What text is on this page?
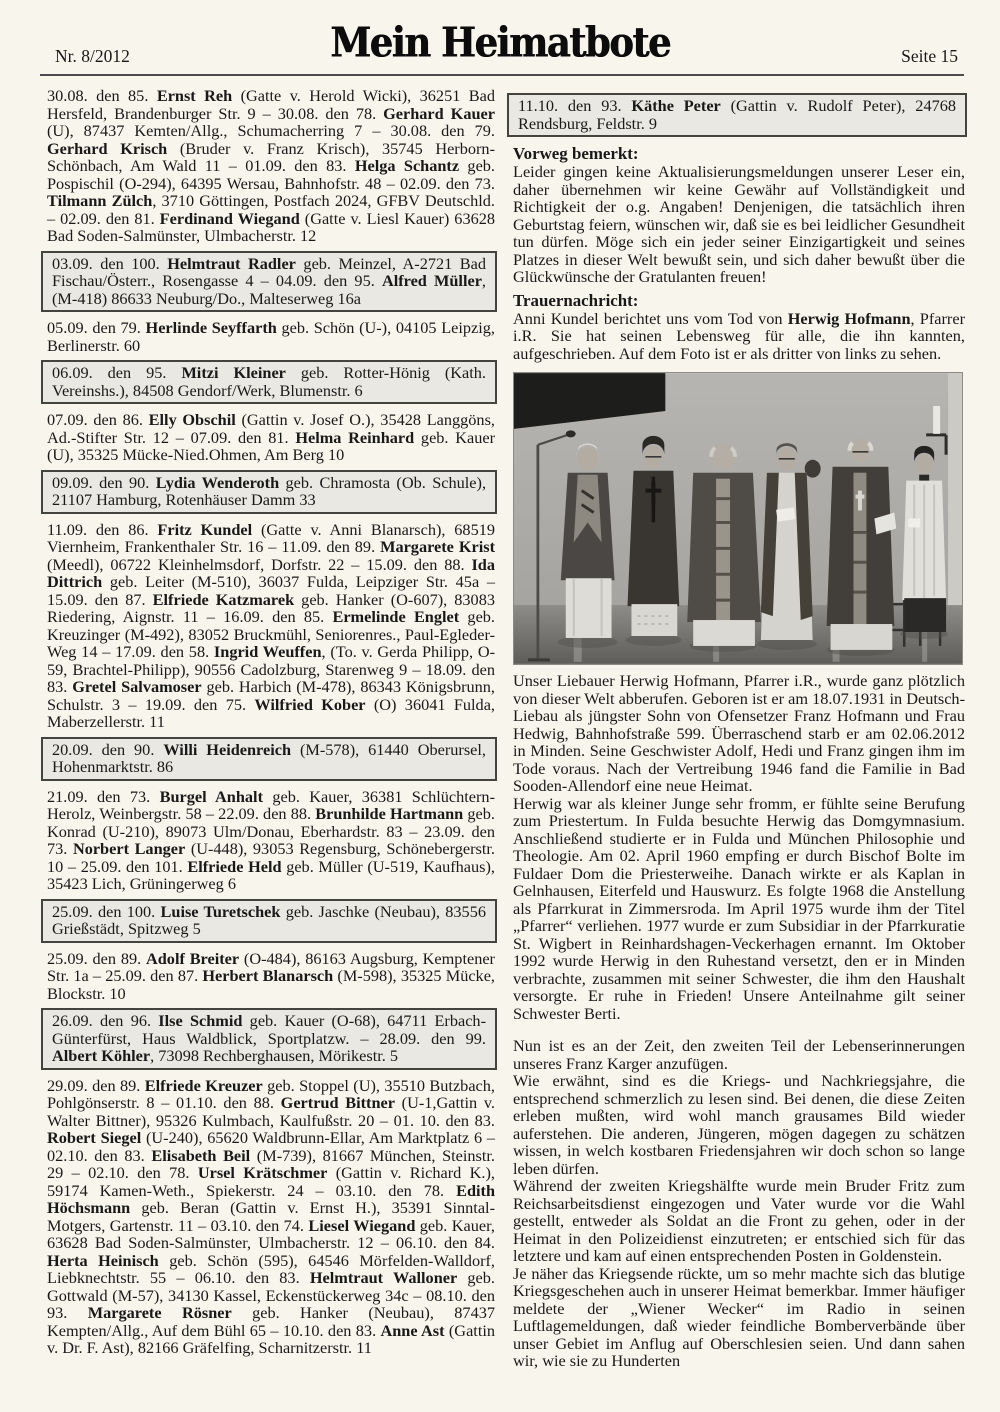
Nr. 8/2012	Mein Heimatbote	Seite 15

30.08. den 85. Ernst Reh (Gatte v. Herold Wicki), 36251 Bad Hersfeld, Brandenburger Str. 9 – 30.08. den 78. Gerhard Kauer (U), 87437 Kemten/Allg., Schumacherring 7 – 30.08. den 79. Gerhard Krisch (Bruder v. Franz Krisch), 35745 Herborn-Schönbach, Am Wald 11 – 01.09. den 83. Helga Schantz geb. Pospischil (O-294), 64395 Wersau, Bahnhofstr. 48 – 02.09. den 73. Tilmann Zülch, 3710 Göttingen, Postfach 2024, GFBV Deutschld. – 02.09. den 81. Ferdinand Wiegand (Gatte v. Liesl Kauer) 63628 Bad Soden-Salmünster, Ulmbacherstr. 12

03.09. den 100. Helmtraut Radler geb. Meinzel, A-2721 Bad Fischau/Österr., Rosengasse 4 – 04.09. den 95. Alfred Müller, (M-418) 86633 Neuburg/Do., Malteserweg 16a

05.09. den 79. Herlinde Seyffarth geb. Schön (U-), 04105 Leipzig, Berlinerstr. 60

06.09. den 95. Mitzi Kleiner geb. Rotter-Hönig (Kath. Vereinshs.), 84508 Gendorf/Werk, Blumenstr. 6

07.09. den 86. Elly Obschil (Gattin v. Josef O.), 35428 Langgöns, Ad.-Stifter Str. 12 – 07.09. den 81. Helma Reinhard geb. Kauer (U), 35325 Mücke-Nied.Ohmen, Am Berg 10

09.09. den 90. Lydia Wenderoth geb. Chramosta (Ob. Schule), 21107 Hamburg, Rotenhäuser Damm 33

11.09. den 86. Fritz Kundel (Gatte v. Anni Blanarsch), 68519 Viernheim, Frankenthaler Str. 16 – 11.09. den 89. Margarete Krist (Meedl), 06722 Kleinhelmsdorf, Dorfstr. 22 – 15.09. den 88. Ida Dittrich geb. Leiter (M-510), 36037 Fulda, Leipziger Str. 45a – 15.09. den 87. Elfriede Katzmarek geb. Hanker (O-607), 83083 Riedering, Aignstr. 11 – 16.09. den 85. Ermelinde Englet geb. Kreuzinger (M-492), 83052 Bruckmühl, Seniorenres., Paul-Egleder-Weg 14 – 17.09. den 58. Ingrid Weuffen, (To. v. Gerda Philipp, O-59, Brachtel-Philipp), 90556 Cadolzburg, Starenweg 9 – 18.09. den 83. Gretel Salvamoser geb. Harbich (M-478), 86343 Königsbrunn, Schulstr. 3 – 19.09. den 75. Wilfried Kober (O) 36041 Fulda, Maberzellerstr. 11

20.09. den 90. Willi Heidenreich (M-578), 61440 Oberursel, Hohenmarktstr. 86

21.09. den 73. Burgel Anhalt geb. Kauer, 36381 Schlüchtern-Herolz, Weinbergstr. 58 – 22.09. den 88. Brunhilde Hartmann geb. Konrad (U-210), 89073 Ulm/Donau, Eberhardstr. 83 – 23.09. den 73. Norbert Langer (U-448), 93053 Regensburg, Schönebergerstr. 10 – 25.09. den 101. Elfriede Held geb. Müller (U-519, Kaufhaus), 35423 Lich, Grüningerweg 6

25.09. den 100. Luise Turetschek geb. Jaschke (Neubau), 83556 Grießstädt, Spitzweg 5

25.09. den 89. Adolf Breiter (O-484), 86163 Augsburg, Kemptener Str. 1a – 25.09. den 87. Herbert Blanarsch (M-598), 35325 Mücke, Blockstr. 10

26.09. den 96. Ilse Schmid geb. Kauer (O-68), 64711 Erbach-Günterfürst, Haus Waldblick, Sportplatzw. – 28.09. den 99. Albert Köhler, 73098 Rechberghausen, Mörikestr. 5

29.09. den 89. Elfriede Kreuzer geb. Stoppel (U), 35510 Butzbach, Pohlgönserstr. 8 – 01.10. den 88. Gertrud Bittner (U-1,Gattin v. Walter Bittner), 95326 Kulmbach, Kaulfußstr. 20 – 01. 10. den 83. Robert Siegel (U-240), 65620 Waldbrunn-Ellar, Am Marktplatz 6 – 02.10. den 83. Elisabeth Beil (M-739), 81667 München, Steinstr. 29 – 02.10. den 78. Ursel Krätschmer (Gattin v. Richard K.), 59174 Kamen-Weth., Spiekerstr. 24 – 03.10. den 78. Edith Höchsmann geb. Beran (Gattin v. Ernst H.), 35391 Sinntal-Motgers, Gartenstr. 11 – 03.10. den 74. Liesel Wiegand geb. Kauer, 63628 Bad Soden-Salmünster, Ulmbacherstr. 12 – 06.10. den 84. Herta Heinisch geb. Schön (595), 64546 Mörfelden-Walldorf, Liebknechtstr. 55 – 06.10. den 83. Helmtraut Walloner geb. Gottwald (M-57), 34130 Kassel, Eckenstückerweg 34c – 08.10. den 93. Margarete Rösner geb. Hanker (Neubau), 87437 Kempten/Allg., Auf dem Bühl 65 – 10.10. den 83. Anne Ast (Gattin v. Dr. F. Ast), 82166 Gräfelfing, Scharnitzerstr. 11

11.10. den 93. Käthe Peter (Gattin v. Rudolf Peter), 24768 Rendsburg, Feldstr. 9
Vorweg bemerkt:

Leider gingen keine Aktualisierungsmeldungen unserer Leser ein, daher übernehmen wir keine Gewähr auf Vollständigkeit und Richtigkeit der o.g. Angaben! Denjenigen, die tatsächlich ihren Geburtstag feiern, wünschen wir, daß sie es bei leidlicher Gesundheit tun dürfen. Möge sich ein jeder seiner Einzigartigkeit und seines Platzes in dieser Welt bewußt sein, und sich daher bewußt über die Glückwünsche der Gratulanten freuen!

Trauernachricht:

Anni Kundel berichtet uns vom Tod von Herwig Hofmann, Pfarrer i.R. Sie hat seinen Lebensweg für alle, die ihn kannten, aufgeschrieben. Auf dem Foto ist er als dritter von links zu sehen.

Unser Liebauer Herwig Hofmann, Pfarrer i.R., wurde ganz plötzlich von dieser Welt abberufen. Geboren ist er am 18.07.1931 in Deutsch-Liebau als jüngster Sohn von Ofensetzer Franz Hofmann und Frau Hedwig, Bahnhofstraße 599. Überraschend starb er am 02.06.2012 in Minden. Seine Geschwister Adolf, Hedi und Franz gingen ihm im Tode voraus. Nach der Vertreibung 1946 fand die Familie in Bad Sooden-Allendorf eine neue Heimat.

Herwig war als kleiner Junge sehr fromm, er fühlte seine Berufung zum Priestertum. In Fulda besuchte Herwig das Domgymnasium. Anschließend studierte er in Fulda und München Philosophie und Theologie. Am 02. April 1960 empfing er durch Bischof Bolte im Fuldaer Dom die Priesterweihe. Danach wirkte er als Kaplan in Gelnhausen, Eiterfeld und Hauswurz. Es folgte 1968 die Anstellung als Pfarrkurat in Zimmersroda. Im April 1975 wurde ihm der Titel „Pfarrer“ verliehen. 1977 wurde er zum Subsidiar in der Pfarrkuratie St. Wigbert in Reinhardshagen-Veckerhagen ernannt. Im Oktober 1992 wurde Herwig in den Ruhestand versetzt, den er in Minden verbrachte, zusammen mit seiner Schwester, die ihm den Haushalt versorgte. Er ruhe in Frieden! Unsere Anteilnahme gilt seiner Schwester Berti.

Nun ist es an der Zeit, den zweiten Teil der Lebenserinnerungen unseres Franz Karger anzufügen.

Wie erwähnt, sind es die Kriegs- und Nachkriegsjahre, die entsprechend schmerzlich zu lesen sind. Bei denen, die diese Zeiten erleben mußten, wird wohl manch grausames Bild wieder auferstehen. Die anderen, Jüngeren, mögen dagegen zu schätzen wissen, in welch kostbaren Friedensjahren wir doch schon so lange leben dürfen.

Während der zweiten Kriegshälfte wurde mein Bruder Fritz zum Reichsarbeitsdienst eingezogen und Vater wurde vor die Wahl gestellt, entweder als Soldat an die Front zu gehen, oder in der Heimat in den Polizeidienst einzutreten; er entschied sich für das letztere und kam auf einen entsprechenden Posten in Goldenstein.

Je näher das Kriegsende rückte, um so mehr machte sich das blutige Kriegsgeschehen auch in unserer Heimat bemerkbar. Immer häufiger meldete der „Wiener Wecker“ im Radio in seinen Luftlagemeldungen, daß wieder feindliche Bomberverbände über unser Gebiet im Anflug auf Oberschlesien seien. Und dann sahen wir, wie sie zu Hunderten
